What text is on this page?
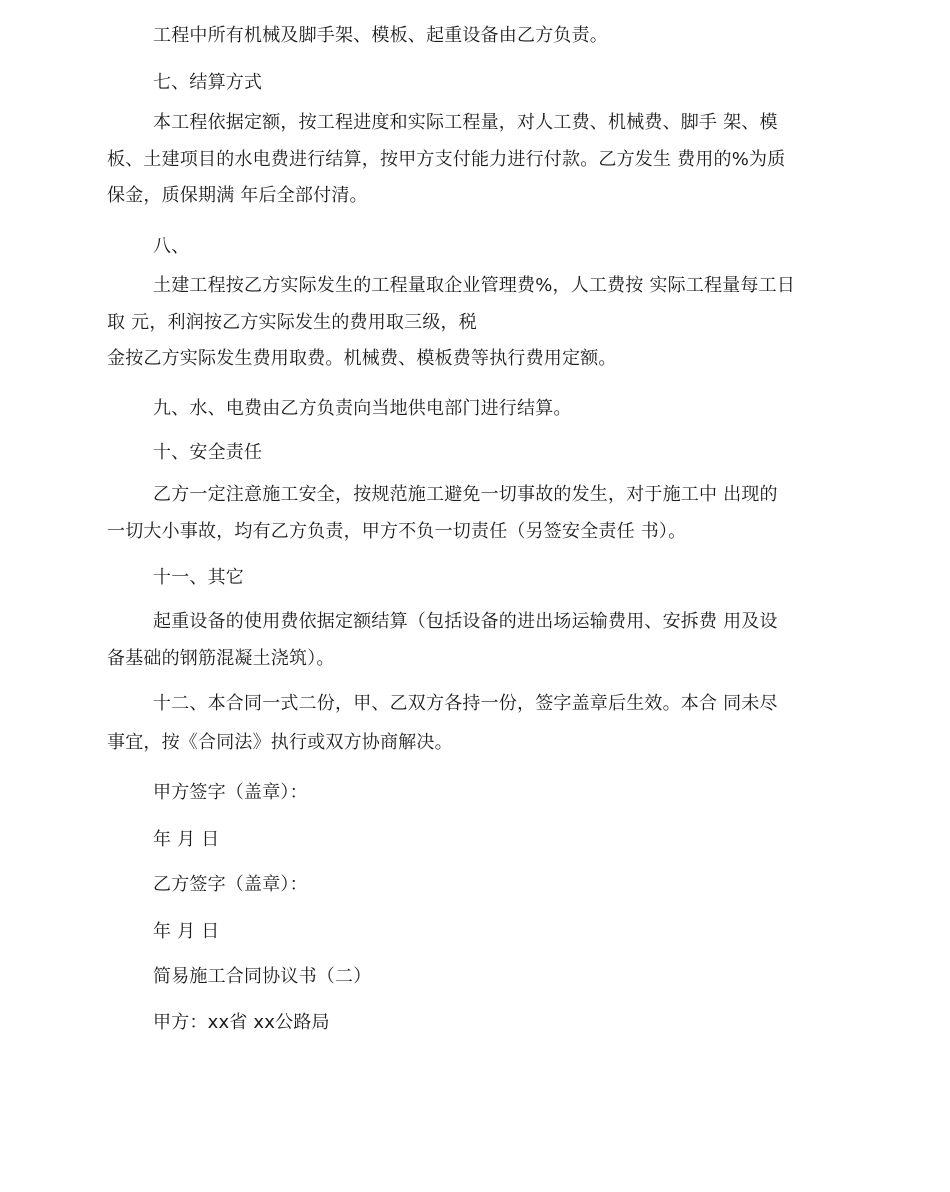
工程中所有机械及脚手架、模板、起重设备由乙方负责。
七、结算方式
本工程依据定额，按工程进度和实际工程量，对人工费、机械费、脚手 架、模
板、土建项目的水电费进行结算，按甲方支付能力进行付款。乙方发生 费用的%为质
保金，质保期满 年后全部付清。
八、
土建工程按乙方实际发生的工程量取企业管理费%，人工费按 实际工程量每工日
取 元，利润按乙方实际发生的费用取三级，税
金按乙方实际发生费用取费。机械费、模板费等执行费用定额。
九、水、电费由乙方负责向当地供电部门进行结算。
十、安全责任
乙方一定注意施工安全，按规范施工避免一切事故的发生，对于施工中 出现的
一切大小事故，均有乙方负责，甲方不负一切责任（另签安全责任 书）。
十一、其它
起重设备的使用费依据定额结算（包括设备的进出场运输费用、安拆费 用及设
备基础的钢筋混凝土浇筑）。
十二、本合同一式二份，甲、乙双方各持一份，签字盖章后生效。本合 同未尽
事宜，按《合同法》执行或双方协商解决。
甲方签字（盖章）：
年 月 日
乙方签字（盖章）：
年 月 日
简易施工合同协议书（二）
甲方：xx省 xx公路局
